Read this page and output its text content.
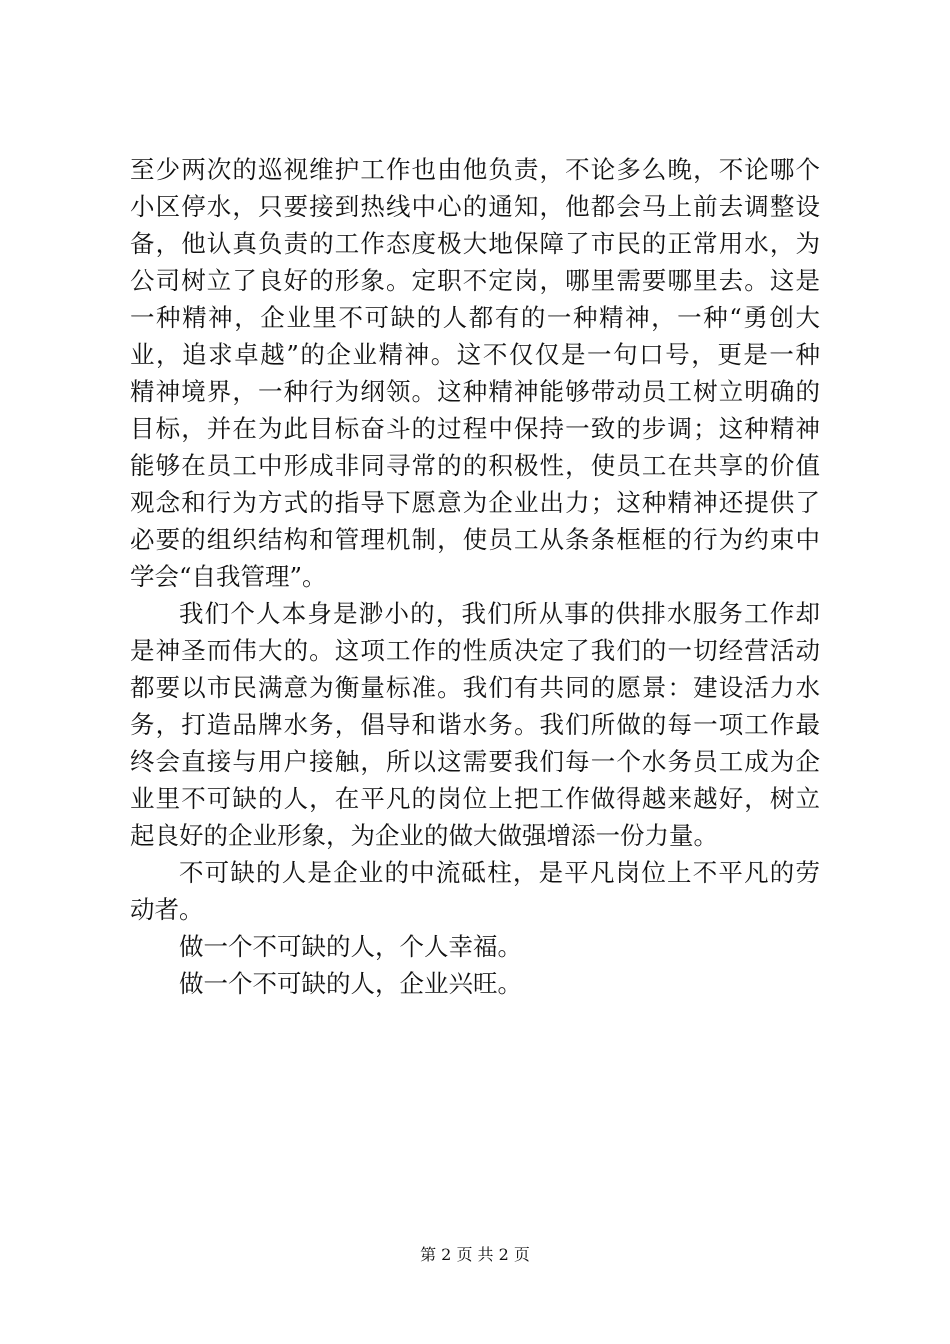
至少两次的巡视维护工作也由他负责，不论多么晚，不论哪个
小区停水，只要接到热线中心的通知，他都会马上前去调整设
备，他认真负责的工作态度极大地保障了市民的正常用水，为
公司树立了良好的形象。定职不定岗，哪里需要哪里去。这是
一种精神，企业里不可缺的人都有的一种精神，一种“勇创大
业，追求卓越”的企业精神。这不仅仅是一句口号，更是一种
精神境界，一种行为纲领。这种精神能够带动员工树立明确的
目标，并在为此目标奋斗的过程中保持一致的步调；这种精神
能够在员工中形成非同寻常的的积极性，使员工在共享的价值
观念和行为方式的指导下愿意为企业出力；这种精神还提供了
必要的组织结构和管理机制，使员工从条条框框的行为约束中
学会“自我管理”。
我们个人本身是渺小的，我们所从事的供排水服务工作却
是神圣而伟大的。这项工作的性质决定了我们的一切经营活动
都要以市民满意为衡量标准。我们有共同的愿景：建设活力水
务，打造品牌水务，倡导和谐水务。我们所做的每一项工作最
终会直接与用户接触，所以这需要我们每一个水务员工成为企
业里不可缺的人，在平凡的岗位上把工作做得越来越好，树立
起良好的企业形象，为企业的做大做强增添一份力量。
不可缺的人是企业的中流砥柱，是平凡岗位上不平凡的劳
动者。
做一个不可缺的人，个人幸福。
做一个不可缺的人，企业兴旺。
第 2 页 共 2 页
